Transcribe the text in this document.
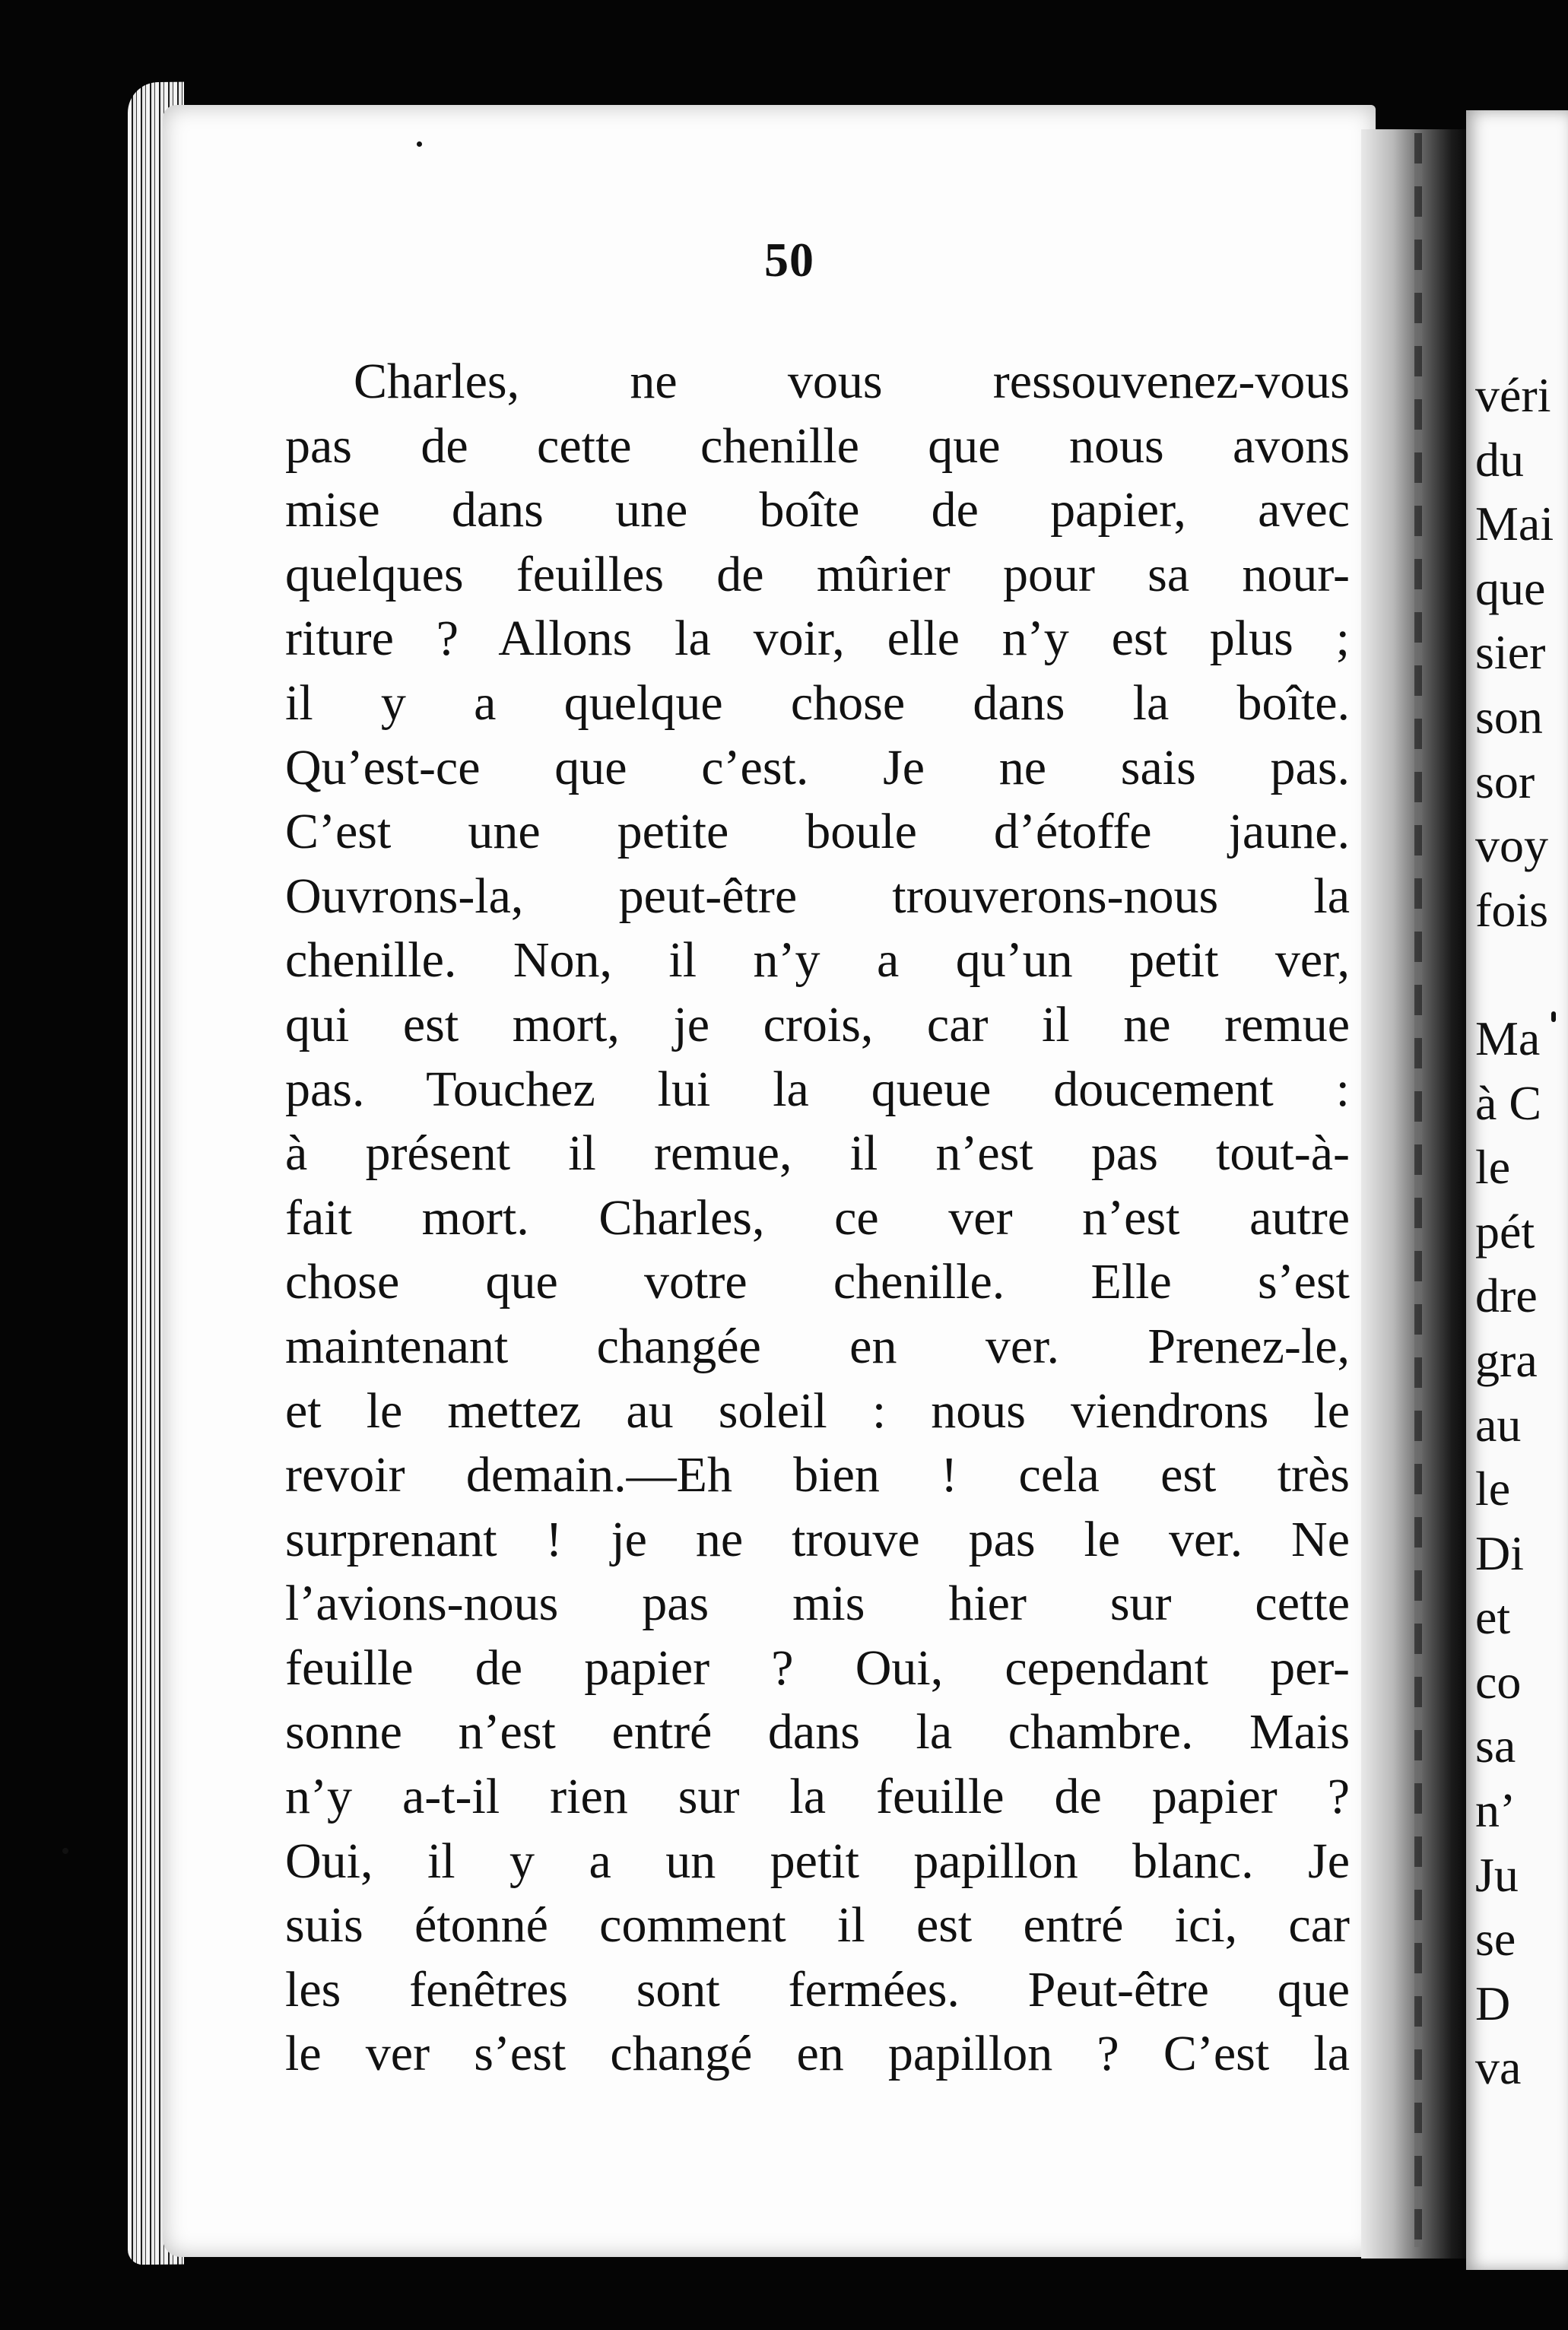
50
Charles, ne vous ressouvenez-vous
pas de cette chenille que nous avons
mise dans une boîte de papier, avec
quelques feuilles de mûrier pour sa nour-
riture ? Allons la voir, elle n’y est plus ;
il y a quelque chose dans la boîte.
Qu’est-ce que c’est. Je ne sais pas.
C’est une petite boule d’étoffe jaune.
Ouvrons-la, peut-être trouverons-nous la
chenille. Non, il n’y a qu’un petit ver,
qui est mort, je crois, car il ne remue
pas. Touchez lui la queue doucement :
à présent il remue, il n’est pas tout-à-
fait mort. Charles, ce ver n’est autre
chose que votre chenille. Elle s’est
maintenant changée en ver. Prenez-le,
et le mettez au soleil : nous viendrons le
revoir demain.—Eh bien ! cela est très
surprenant ! je ne trouve pas le ver. Ne
l’avions-nous pas mis hier sur cette
feuille de papier ? Oui, cependant per-
sonne n’est entré dans la chambre. Mais
n’y a-t-il rien sur la feuille de papier ?
Oui, il y a un petit papillon blanc. Je
suis étonné comment il est entré ici, car
les fenêtres sont fermées. Peut-être que
le ver s’est changé en papillon ? C’est la
véri
du
Mai
que
sier
son
sor
voy
fois
Ma
à C
le
pét
dre
gra
au
le
Di
et
co
sa
n’
Ju
se
D
va
